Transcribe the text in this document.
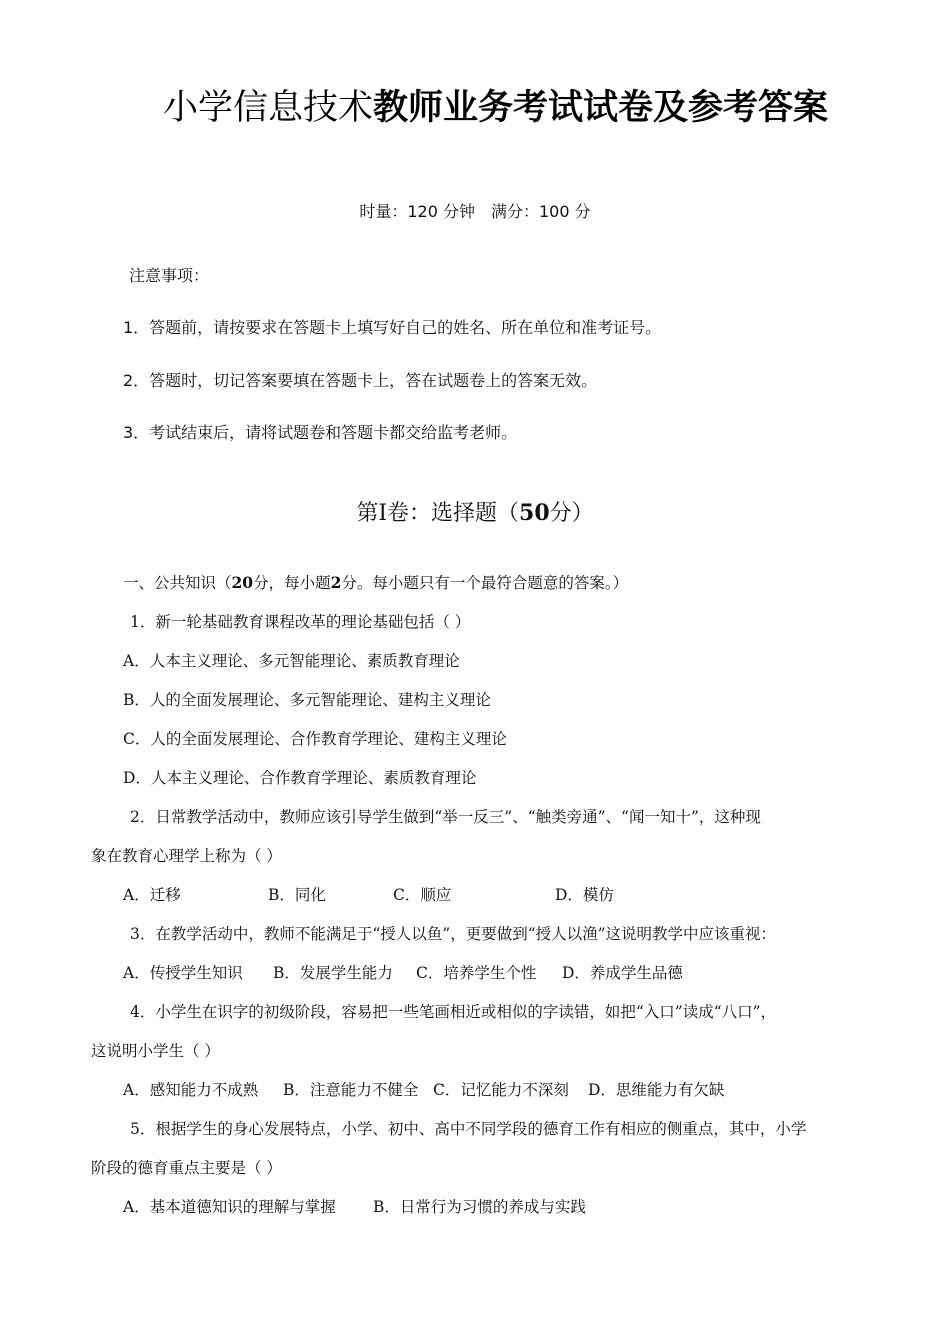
小学信息技术教师业务考试试卷及参考答案
时量：120 分钟 满分：100 分
注意事项：
1．答题前，请按要求在答题卡上填写好自己的姓名、所在单位和准考证号。
2．答题时，切记答案要填在答题卡上，答在试题卷上的答案无效。
3．考试结束后，请将试题卷和答题卡都交给监考老师。
第Ⅰ卷：选择题（50分）
一、公共知识（20分，每小题2分。每小题只有一个最符合题意的答案。）
1．新一轮基础教育课程改革的理论基础包括（ ）
A．人本主义理论、多元智能理论、素质教育理论
B．人的全面发展理论、多元智能理论、建构主义理论
C．人的全面发展理论、合作教育学理论、建构主义理论
D．人本主义理论、合作教育学理论、素质教育理论
2．日常教学活动中，教师应该引导学生做到“举一反三”、“触类旁通”、“闻一知十”，这种现
象在教育心理学上称为（ ）
A．迁移	B．同化	C．顺应	D．模仿
3．在教学活动中，教师不能满足于“授人以鱼”，更要做到“授人以渔”这说明教学中应该重视：
A．传授学生知识 B．发展学生能力 C．培养学生个性 D．养成学生品德
4．小学生在识字的初级阶段，容易把一些笔画相近或相似的字读错，如把“入口”读成“八口”，
这说明小学生（ ）
A．感知能力不成熟 B．注意能力不健全 C．记忆能力不深刻 D．思维能力有欠缺
5．根据学生的身心发展特点，小学、初中、高中不同学段的德育工作有相应的侧重点，其中，小学
阶段的德育重点主要是（ ）
A．基本道德知识的理解与掌握 B．日常行为习惯的养成与实践
